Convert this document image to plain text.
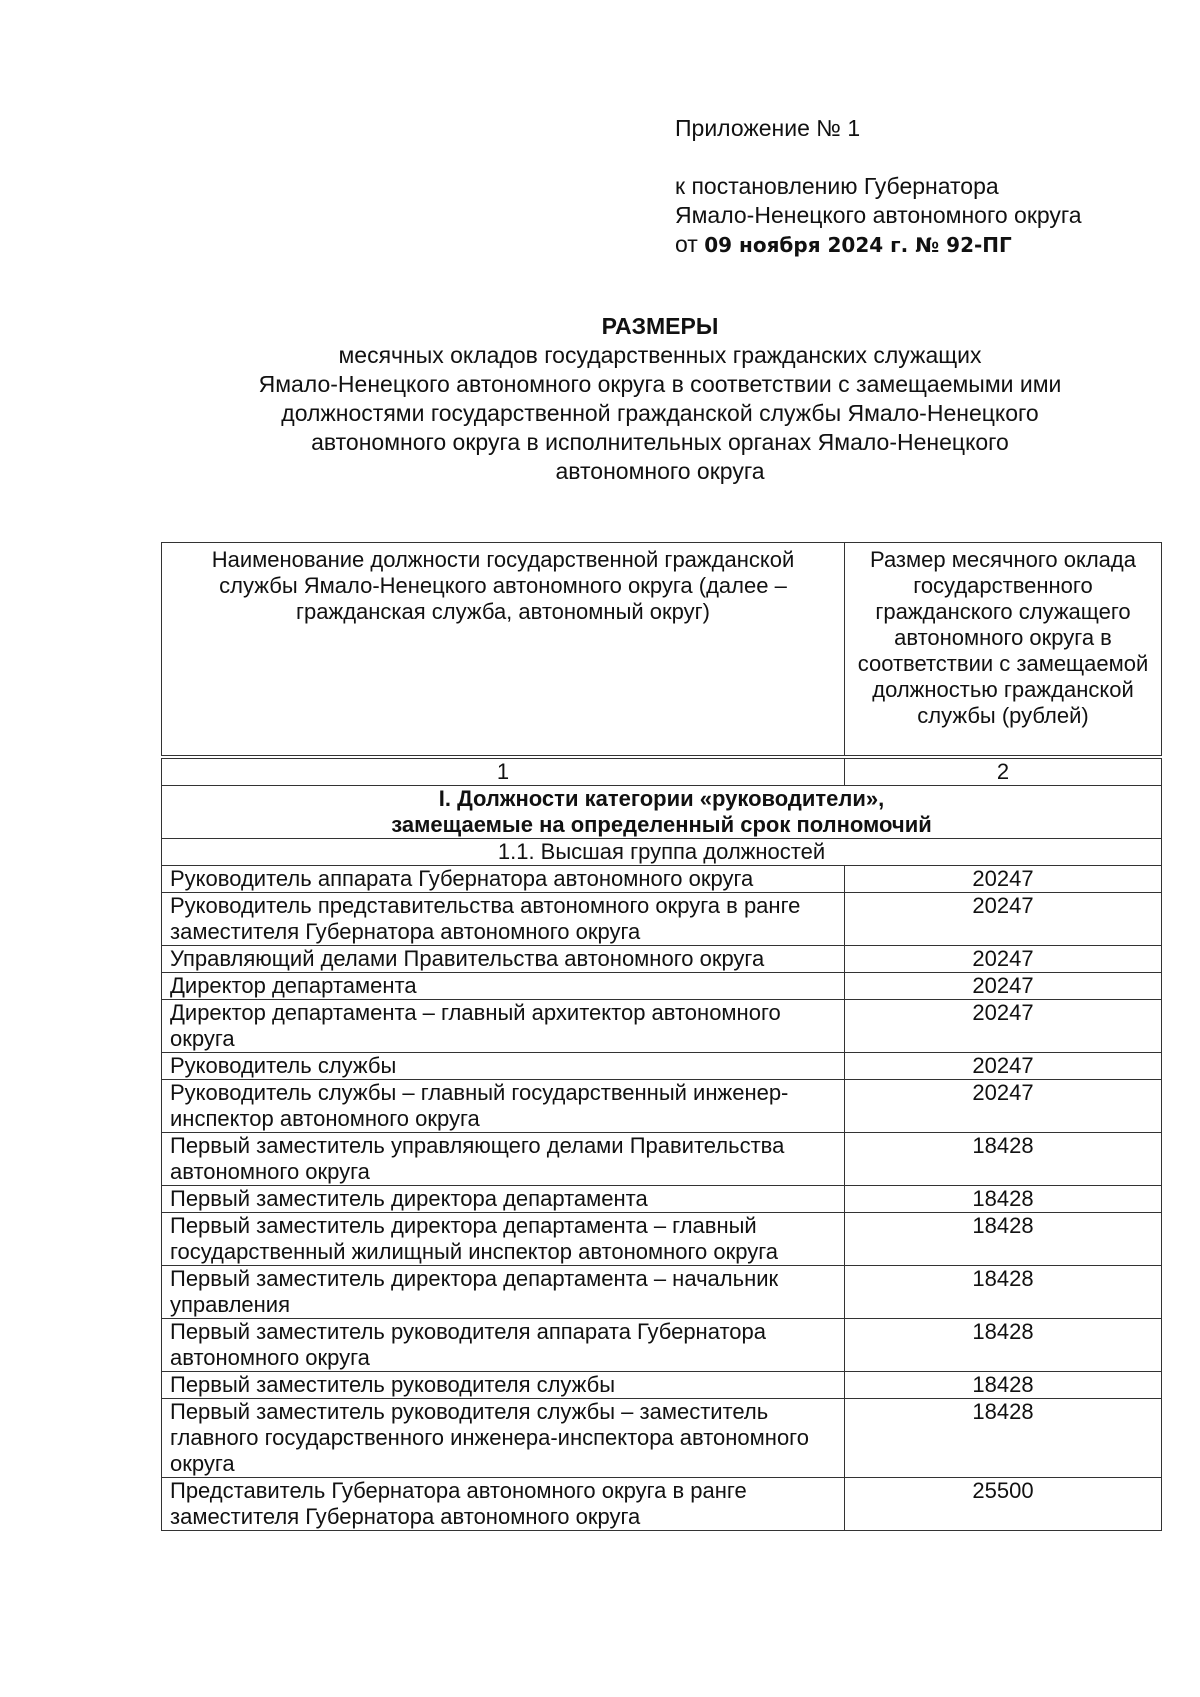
Приложение № 1
к постановлению Губернатора
Ямало-Ненецкого автономного округа
от 09 ноября 2024 г. № 92-ПГ
РАЗМЕРЫ
месячных окладов государственных гражданских служащих
Ямало-Ненецкого автономного округа в соответствии с замещаемыми ими
должностями государственной гражданской службы Ямало-Ненецкого
автономного округа в исполнительных органах Ямало-Ненецкого
автономного округа
Наименование должности государственной гражданской службы Ямало-Ненецкого автономного округа (далее – гражданская служба, автономный округ)	Размер месячного оклада государственного гражданского служащего автономного округа в соответствии с замещаемой должностью гражданской службы (рублей)

1	2

I. Должности категории «руководители»,
замещаемые на определенный срок полномочий	

1.1. Высшая группа должностей	
Руководитель аппарата Губернатора автономного округа	20247
Руководитель представительства автономного округа в ранге заместителя Губернатора автономного округа	20247
Управляющий делами Правительства автономного округа	20247
Директор департамента	20247
Директор департамента – главный архитектор автономного округа	20247
Руководитель службы	20247
Руководитель службы – главный государственный инженер-инспектор автономного округа	20247
Первый заместитель управляющего делами Правительства автономного округа	18428
Первый заместитель директора департамента	18428
Первый заместитель директора департамента – главный государственный жилищный инспектор автономного округа	18428
Первый заместитель директора департамента – начальник управления	18428
Первый заместитель руководителя аппарата Губернатора автономного округа	18428
Первый заместитель руководителя службы	18428
Первый заместитель руководителя службы – заместитель главного государственного инженера-инспектора автономного округа	18428
Представитель Губернатора автономного округа в ранге заместителя Губернатора автономного округа	25500
